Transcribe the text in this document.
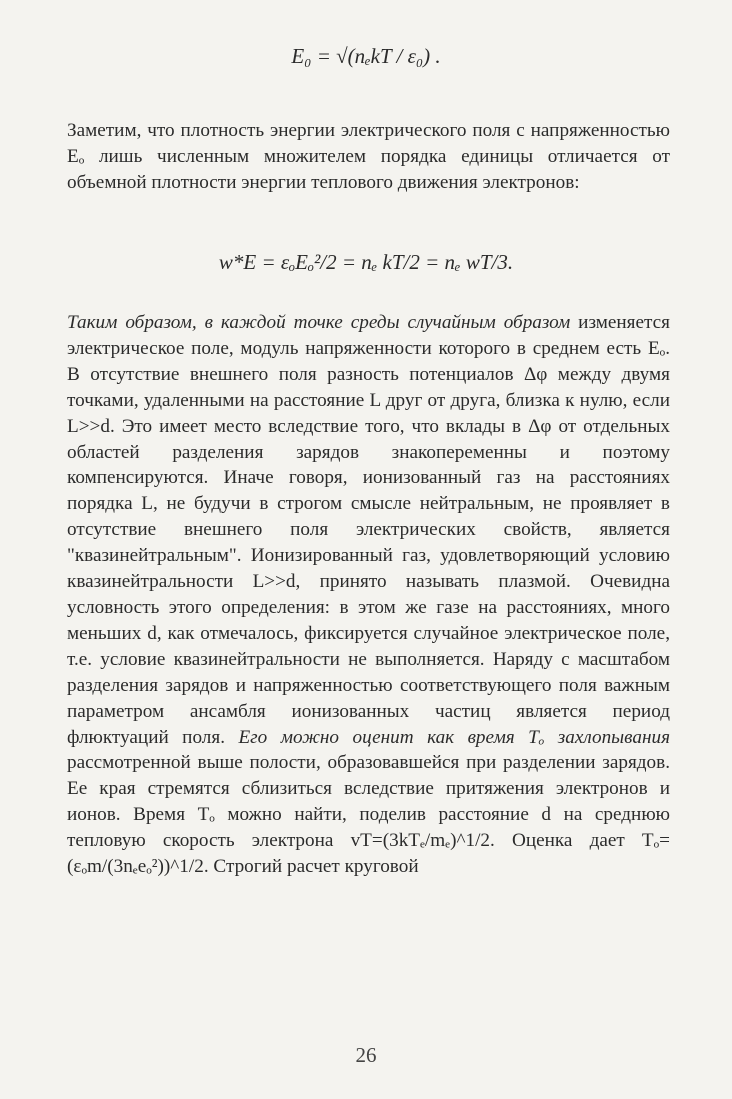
E₀ = √(nₑkT / ε₀) .

Заметим, что плотность энергии электрического поля с напряженностью Eₒ лишь численным множителем порядка единицы отличается от объемной плотности энергии теплового движения электронов:

w*E = εₒEₒ²/2 = nₑ kT/2 = nₑ wT/3.

Таким образом, в каждой точке среды случайным образом изменяется электрическое поле, модуль напряженности которого в среднем есть Eₒ. В отсутствие внешнего поля разность потенциалов Δφ между двумя точками, удаленными на расстояние L друг от друга, близка к нулю, если L>>d. Это имеет место вследствие того, что вклады в Δφ от отдельных областей разделения зарядов знакопеременны и поэтому компенсируются. Иначе говоря, ионизованный газ на расстояниях порядка L, не будучи в строгом смысле нейтральным, не проявляет в отсутствие внешнего поля электрических свойств, является "квазинейтральным". Ионизированный газ, удовлетворяющий условию квазинейтральности L>>d, принято называть плазмой. Очевидна условность этого определения: в этом же газе на расстояниях, много меньших d, как отмечалось, фиксируется случайное электрическое поле, т.е. условие квазинейтральности не выполняется. Наряду с масштабом разделения зарядов и напряженностью соответствующего поля важным параметром ансамбля ионизованных частиц является период флюктуаций поля. Его можно оценит как время Tₒ захлопывания рассмотренной выше полости, образовавшейся при разделении зарядов. Ее края стремятся сблизиться вследствие притяжения электронов и ионов. Время Tₒ можно найти, поделив расстояние d на среднюю тепловую скорость электрона vT=(3kTₑ/mₑ)^1/2. Оценка дает Tₒ=(εₒm/(3nₑeₒ²))^1/2. Строгий расчет круговой

26
